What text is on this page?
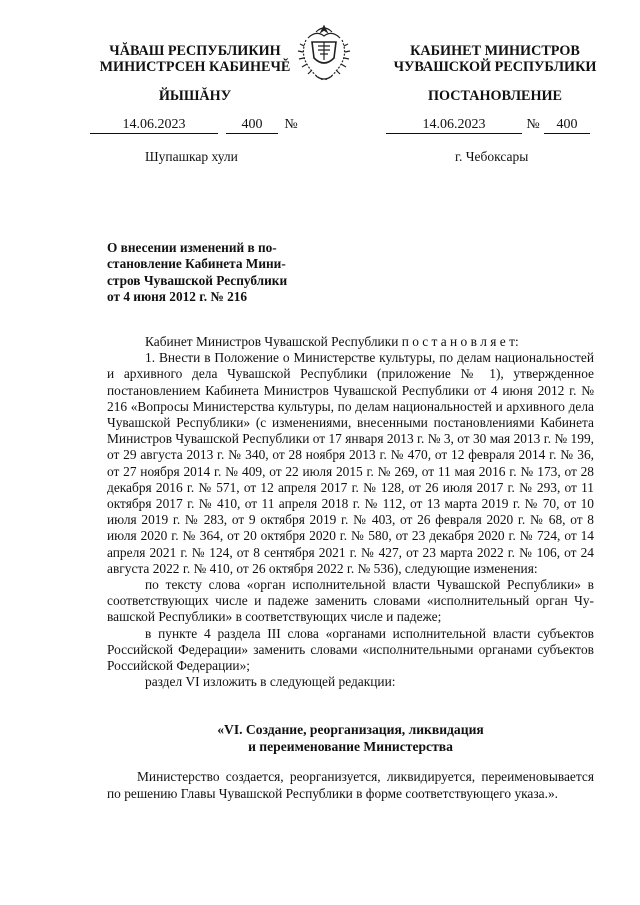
ЧĂВАШ РЕСПУБЛИКИН
МИНИСТРСЕН КАБИНЕЧĔ
ЙЫШĂНУ
КАБИНЕТ МИНИСТРОВ
ЧУВАШСКОЙ РЕСПУБЛИКИ
ПОСТАНОВЛЕНИЕ
14.06.2023	400	№	14.06.2023	№	400
Шупашкар хули	г. Чебоксары
О внесении изменений в по-
становление Кабинета Мини-
стров Чувашской Республики
от 4 июня 2012 г. № 216

Кабинет Министров Чувашской Республики п о с т а н о в л я е т:

1. Внести в Положение о Министерстве культуры, по делам национальностей и архивного дела Чувашской Республики (приложение № 1), утвержденное постановлением Кабинета Министров Чувашской Республики от 4 июня 2012 г. № 216 «Вопросы Министерства культуры, по делам национальностей и архивного дела Чувашской Республики» (с изменениями, внесенными постановлениями Кабинета Министров Чувашской Республики от 17 января 2013 г. № 3, от 30 мая 2013 г. № 199, от 29 августа 2013 г. № 340, от 28 ноября 2013 г. № 470, от 12 февраля 2014 г. № 36, от 27 ноября 2014 г. № 409, от 22 июля 2015 г. № 269, от 11 мая 2016 г. № 173, от 28 декабря 2016 г. № 571, от 12 апреля 2017 г. № 128, от 26 июля 2017 г. № 293, от 11 октября 2017 г. № 410, от 11 апреля 2018 г. № 112, от 13 марта 2019 г. № 70, от 10 июля 2019 г. № 283, от 9 октября 2019 г. № 403, от 26 февраля 2020 г. № 68, от 8 июля 2020 г. № 364, от 20 октября 2020 г. № 580, от 23 декабря 2020 г. № 724, от 14 апреля 2021 г. № 124, от 8 сентября 2021 г. № 427, от 23 марта 2022 г. № 106, от 24 августа 2022 г. № 410, от 26 октября 2022 г. № 536), следующие изменения:

по тексту слова «орган исполнительной власти Чувашской Республики» в соответствующих числе и падеже заменить словами «исполнительный орган Чувашской Республики» в соответствующих числе и падеже;

в пункте 4 раздела III слова «органами исполнительной власти субъектов Российской Федерации» заменить словами «исполнительными органами субъектов Российской Федерации»;

раздел VI изложить в следующей редакции:

«VI. Создание, реорганизация, ликвидация
и переименование Министерства

Министерство создается, реорганизуется, ликвидируется, переименовывается по решению Главы Чувашской Республики в форме соответствующего указа.».
